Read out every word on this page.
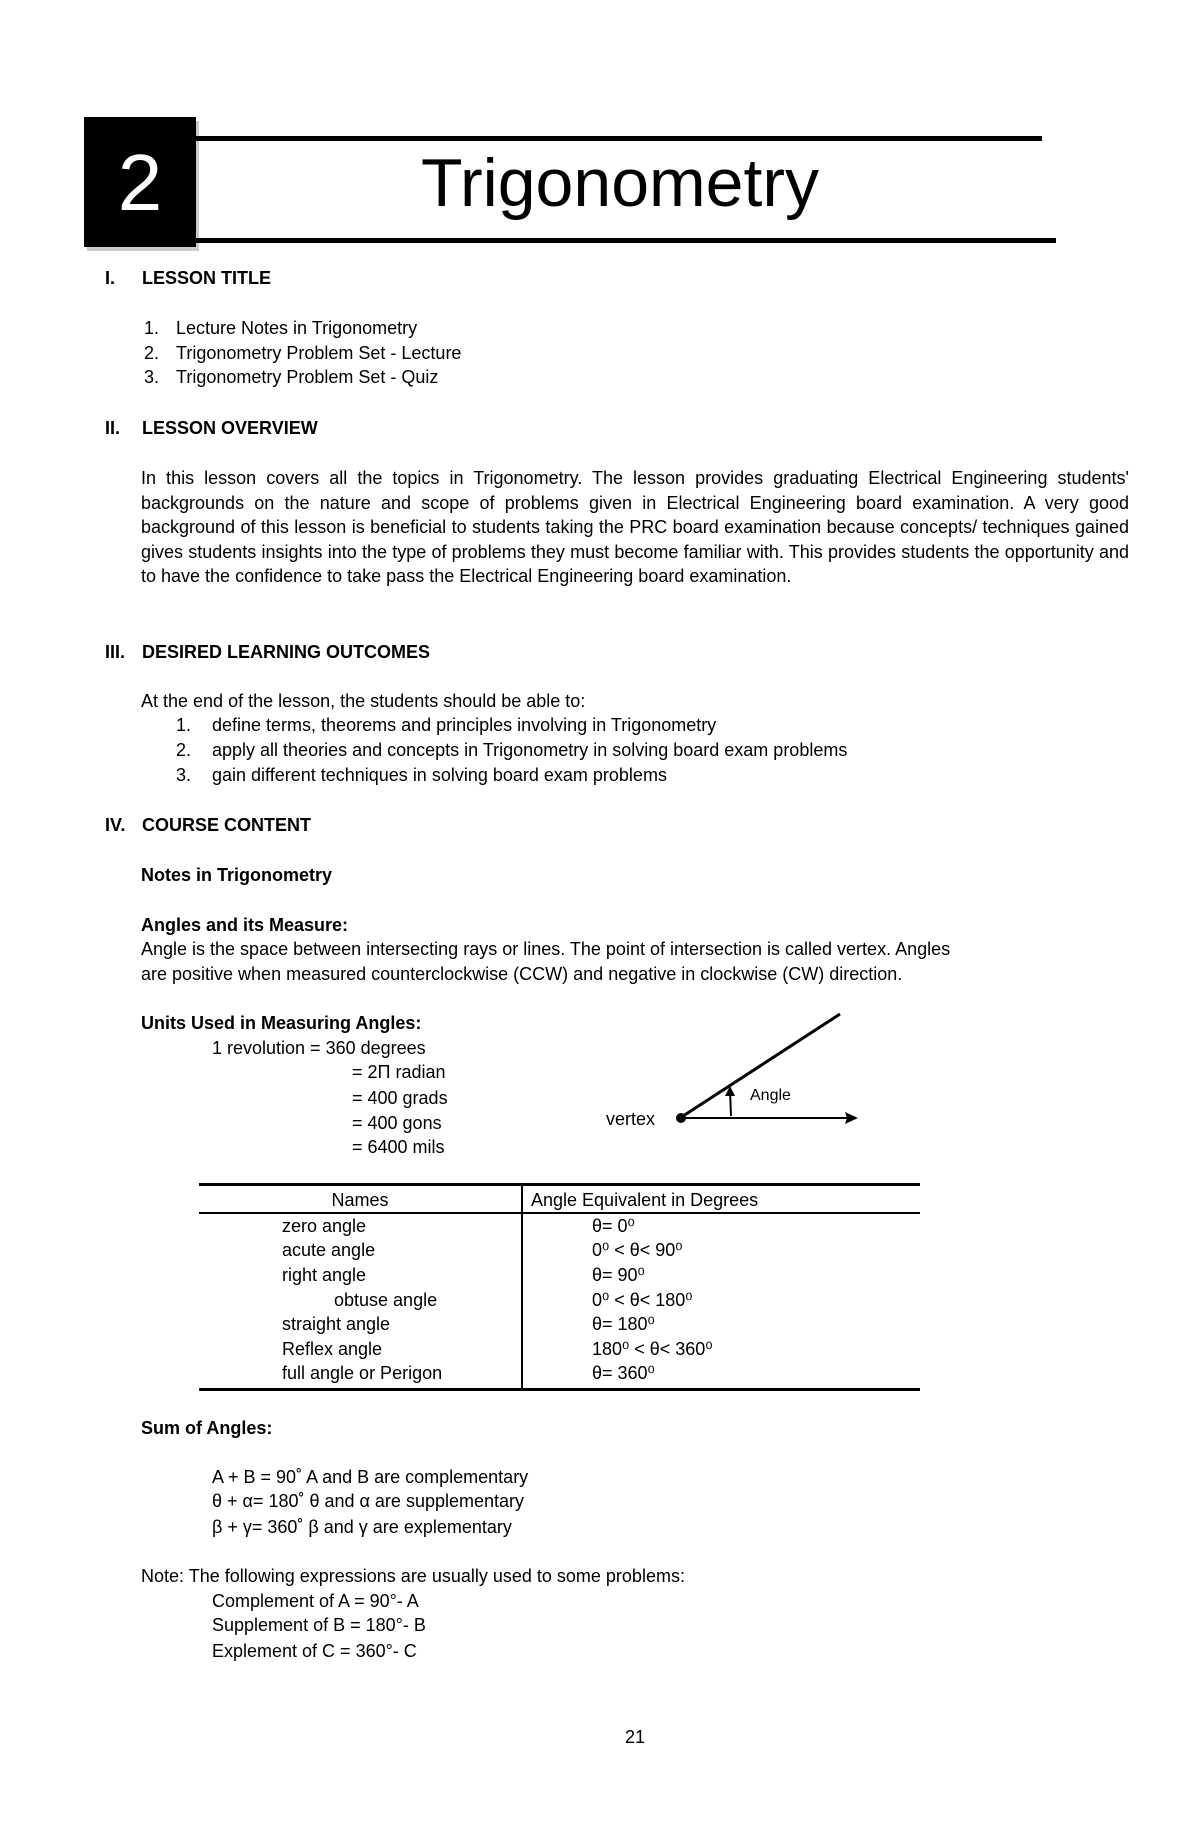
2	Trigonometry
I. LESSON TITLE
1. Lecture Notes in Trigonometry
2. Trigonometry Problem Set - Lecture
3. Trigonometry Problem Set - Quiz
II. LESSON OVERVIEW
In this lesson covers all the topics in Trigonometry. The lesson provides graduating Electrical Engineering students' backgrounds on the nature and scope of problems given in Electrical Engineering board examination. A very good background of this lesson is beneficial to students taking the PRC board examination because concepts/ techniques gained gives students insights into the type of problems they must become familiar with. This provides students the opportunity and to have the confidence to take pass the Electrical Engineering board examination.
III. DESIRED LEARNING OUTCOMES
At the end of the lesson, the students should be able to:
1. define terms, theorems and principles involving in Trigonometry
2. apply all theories and concepts in Trigonometry in solving board exam problems
3. gain different techniques in solving board exam problems
IV. COURSE CONTENT
Notes in Trigonometry
Angles and its Measure:
Angle is the space between intersecting rays or lines. The point of intersection is called vertex. Angles
are positive when measured counterclockwise (CCW) and negative in clockwise (CW) direction.
Units Used in Measuring Angles:
1 revolution = 360 degrees
= 2Π radian
= 400 grads
= 400 gons
= 6400 mils
vertex
Angle
Names	Angle Equivalent in Degrees
zero angle	θ= 0⁰
acute angle	0⁰ < θ< 90⁰
right angle	θ= 90⁰
obtuse angle	0⁰ < θ< 180⁰
straight angle	θ= 180⁰
Reflex angle	180⁰ < θ< 360⁰
full angle or Perigon	θ= 360⁰
Sum of Angles:
A + B = 90˚ A and B are complementary
θ + α= 180˚ θ and α are supplementary
β + γ= 360˚ β and γ are explementary
Note: The following expressions are usually used to some problems:
Complement of A = 90°- A
Supplement of B = 180°- B
Explement of C = 360°- C
21
